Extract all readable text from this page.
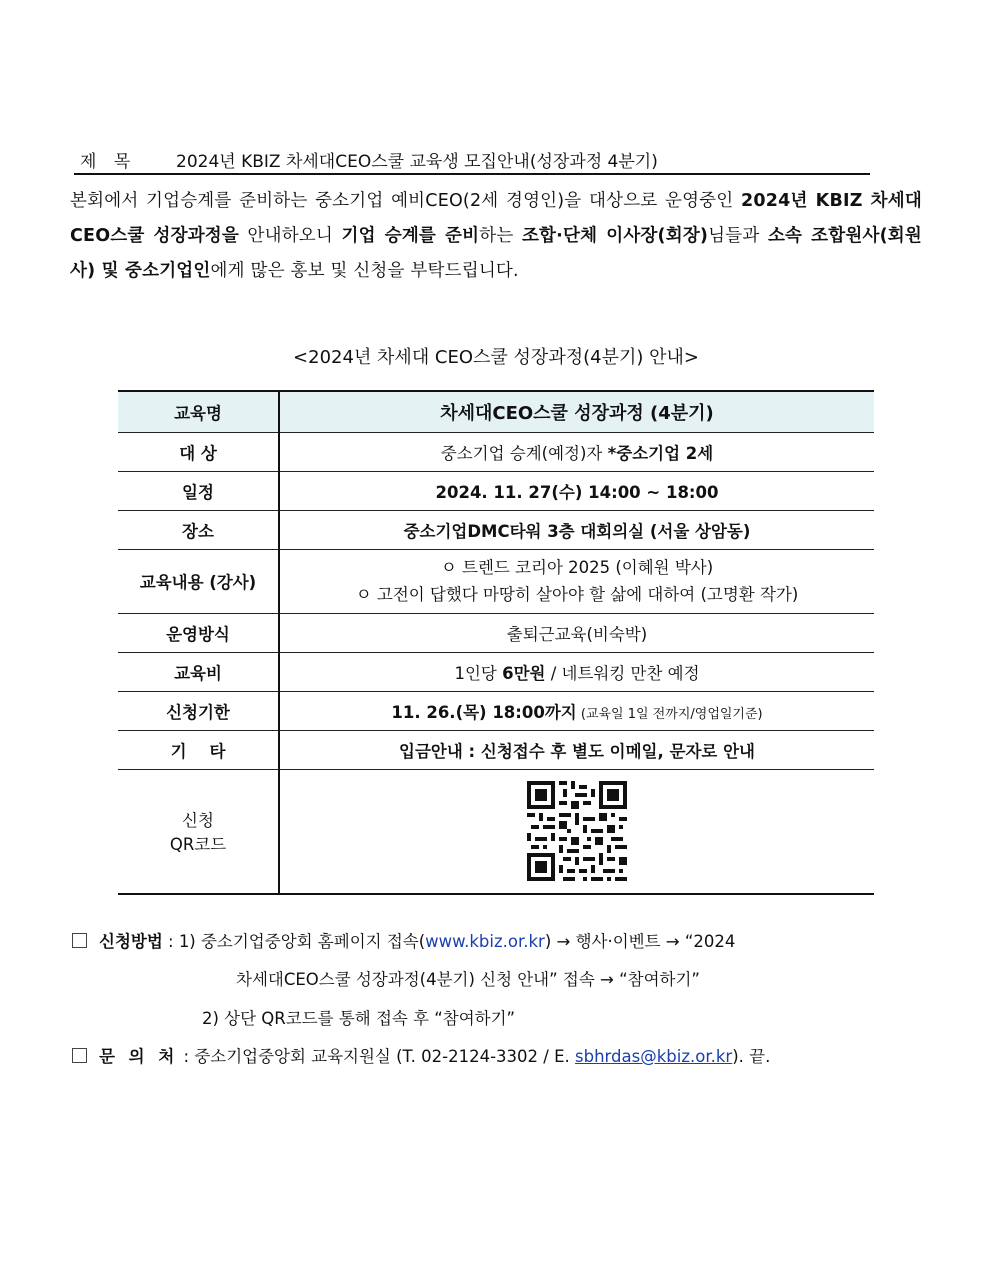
제 목 2024년 KBIZ 차세대CEO스쿨 교육생 모집안내(성장과정 4분기)
본회에서 기업승계를 준비하는 중소기업 예비CEO(2세 경영인)을 대상으로 운영중인 2024년 KBIZ 차세대CEO스쿨 성장과정을 안내하오니 기업 승계를 준비하는 조합·단체 이사장(회장)님들과 소속 조합원사(회원사) 및 중소기업인에게 많은 홍보 및 신청을 부탁드립니다.
<2024년 차세대 CEO스쿨 성장과정(4분기) 안내>
교육명	차세대CEO스쿨 성장과정 (4분기)
대 상	중소기업 승계(예정)자 *중소기업 2세
일정	2024. 11. 27(수) 14:00 ~ 18:00
장소	중소기업DMC타워 3층 대회의실 (서울 상암동)
교육내용 (강사)	ㅇ 트렌드 코리아 2025 (이혜원 박사)
ㅇ 고전이 답했다 마땅히 살아야 할 삶에 대하여 (고명환 작가)

운영방식	출퇴근교육(비숙박)
교육비	1인당 6만원 / 네트워킹 만찬 예정
신청기한	11. 26.(목) 18:00까지 (교육일 1일 전까지/영업일기준)
기    타	입금안내 : 신청접수 후 별도 이메일, 문자로 안내

신청
QR코드

신청방법 : 1) 중소기업중앙회 홈페이지 접속(www.kbiz.or.kr) → 행사·이벤트 → “2024
차세대CEO스쿨 성장과정(4분기) 신청 안내” 접속 → “참여하기”
2) 상단 QR코드를 통해 접속 후 “참여하기”
문 의 처 : 중소기업중앙회 교육지원실 (T. 02-2124-3302 / E. sbhrdas@kbiz.or.kr). 끝.
